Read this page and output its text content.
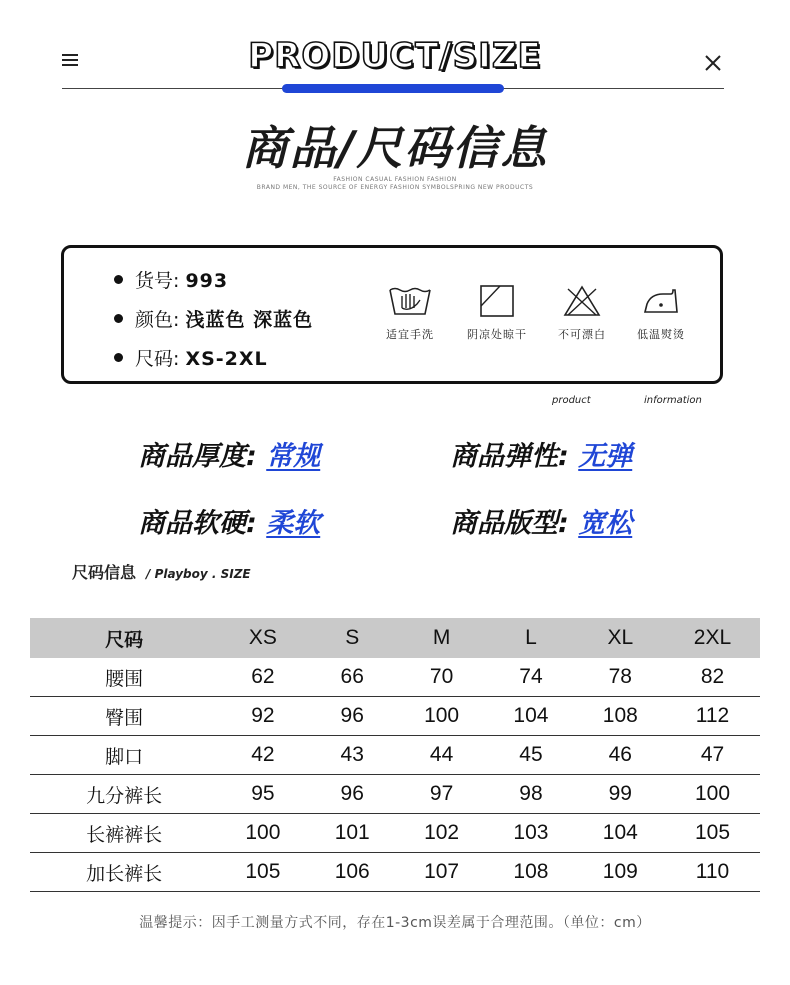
PRODUCT/SIZE
商品/尺码信息
FASHION CASUAL FASHION FASHION
BRAND MEN, THE SOURCE OF ENERGY FASHION SYMBOLSPRING NEW PRODUCTS
货号: 993
颜色: 浅蓝色 深蓝色
尺码: XS-2XL
适宜手洗	阴凉处晾干	不可漂白	低温熨烫
product	information
商品厚度: 常规	商品弹性: 无弹
商品软硬: 柔软	商品版型: 宽松
尺码信息 / Playboy . SIZE
尺码	XS	S	M	L	XL	2XL
腰围	62	66	70	74	78	82
臀围	92	96	100	104	108	112
脚口	42	43	44	45	46	47
九分裤长	95	96	97	98	99	100
长裤裤长	100	101	102	103	104	105
加长裤长	105	106	107	108	109	110
温馨提示：因手工测量方式不同，存在1-3cm误差属于合理范围。（单位：cm）
